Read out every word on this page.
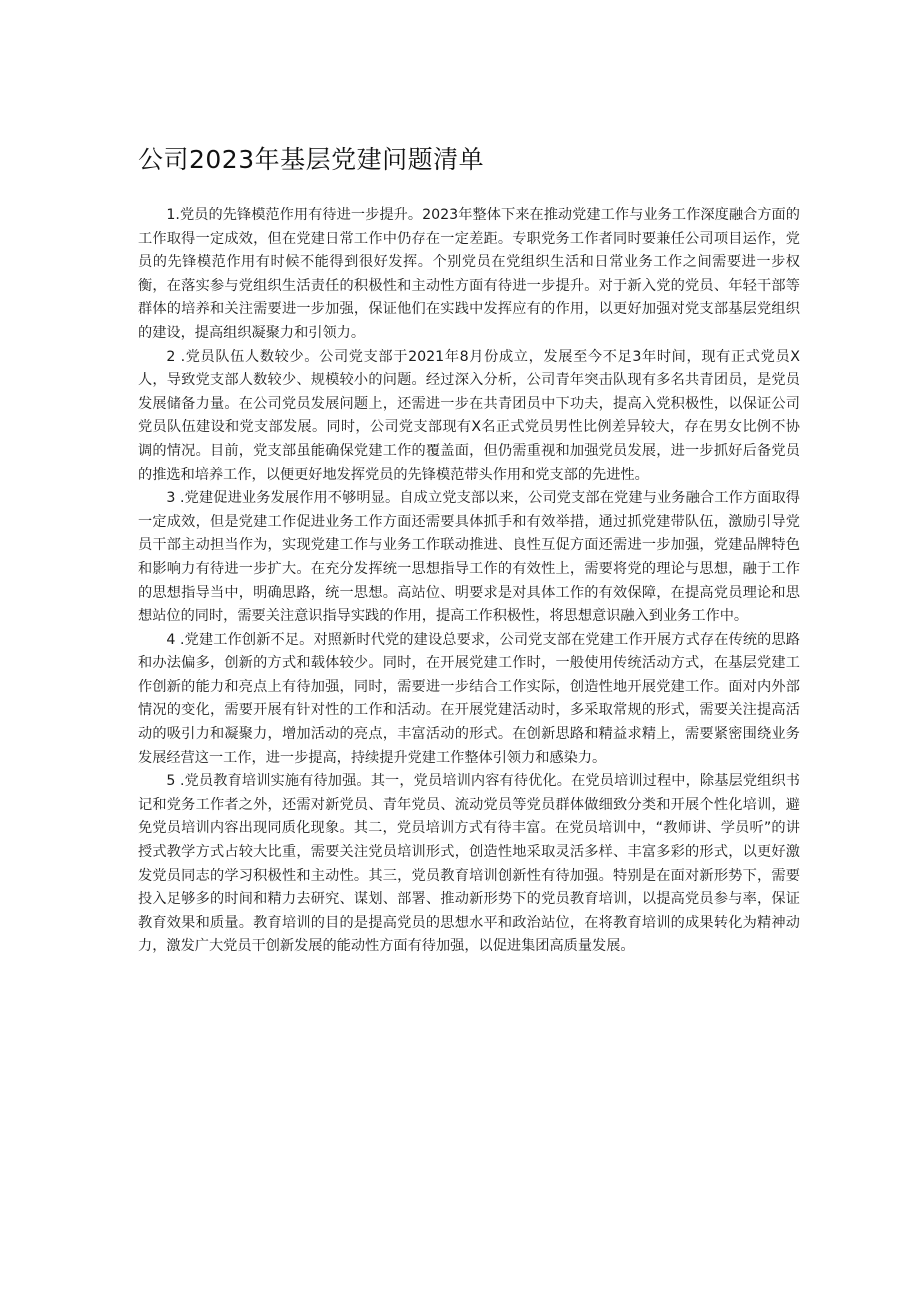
公司2023年基层党建问题清单

1.党员的先锋模范作用有待进一步提升。2023年整体下来在推动党建工作与业务工作深度融合方面的工作取得一定成效，但在党建日常工作中仍存在一定差距。专职党务工作者同时要兼任公司项目运作，党员的先锋模范作用有时候不能得到很好发挥。个别党员在党组织生活和日常业务工作之间需要进一步权衡，在落实参与党组织生活责任的积极性和主动性方面有待进一步提升。对于新入党的党员、年轻干部等群体的培养和关注需要进一步加强，保证他们在实践中发挥应有的作用，以更好加强对党支部基层党组织的建设，提高组织凝聚力和引领力。

2 .党员队伍人数较少。公司党支部于2021年8月份成立，发展至今不足3年时间，现有正式党员X人，导致党支部人数较少、规模较小的问题。经过深入分析，公司青年突击队现有多名共青团员，是党员发展储备力量。在公司党员发展问题上，还需进一步在共青团员中下功夫，提高入党积极性，以保证公司党员队伍建设和党支部发展。同时，公司党支部现有X名正式党员男性比例差异较大，存在男女比例不协调的情况。目前，党支部虽能确保党建工作的覆盖面，但仍需重视和加强党员发展，进一步抓好后备党员的推选和培养工作，以便更好地发挥党员的先锋模范带头作用和党支部的先进性。

3 .党建促进业务发展作用不够明显。自成立党支部以来，公司党支部在党建与业务融合工作方面取得一定成效，但是党建工作促进业务工作方面还需要具体抓手和有效举措，通过抓党建带队伍，激励引导党员干部主动担当作为，实现党建工作与业务工作联动推进、良性互促方面还需进一步加强，党建品牌特色和影响力有待进一步扩大。在充分发挥统一思想指导工作的有效性上，需要将党的理论与思想，融于工作的思想指导当中，明确思路，统一思想。高站位、明要求是对具体工作的有效保障，在提高党员理论和思想站位的同时，需要关注意识指导实践的作用，提高工作积极性，将思想意识融入到业务工作中。

4 .党建工作创新不足。对照新时代党的建设总要求，公司党支部在党建工作开展方式存在传统的思路和办法偏多，创新的方式和载体较少。同时，在开展党建工作时，一般使用传统活动方式，在基层党建工作创新的能力和亮点上有待加强，同时，需要进一步结合工作实际，创造性地开展党建工作。面对内外部情况的变化，需要开展有针对性的工作和活动。在开展党建活动时，多采取常规的形式，需要关注提高活动的吸引力和凝聚力，增加活动的亮点，丰富活动的形式。在创新思路和精益求精上，需要紧密围绕业务发展经营这一工作，进一步提高，持续提升党建工作整体引领力和感染力。

5 .党员教育培训实施有待加强。其一，党员培训内容有待优化。在党员培训过程中，除基层党组织书记和党务工作者之外，还需对新党员、青年党员、流动党员等党员群体做细致分类和开展个性化培训，避免党员培训内容出现同质化现象。其二，党员培训方式有待丰富。在党员培训中，“教师讲、学员听”的讲授式教学方式占较大比重，需要关注党员培训形式，创造性地采取灵活多样、丰富多彩的形式，以更好激发党员同志的学习积极性和主动性。其三，党员教育培训创新性有待加强。特别是在面对新形势下，需要投入足够多的时间和精力去研究、谋划、部署、推动新形势下的党员教育培训，以提高党员参与率，保证教育效果和质量。教育培训的目的是提高党员的思想水平和政治站位，在将教育培训的成果转化为精神动力，激发广大党员干创新发展的能动性方面有待加强，以促进集团高质量发展。
